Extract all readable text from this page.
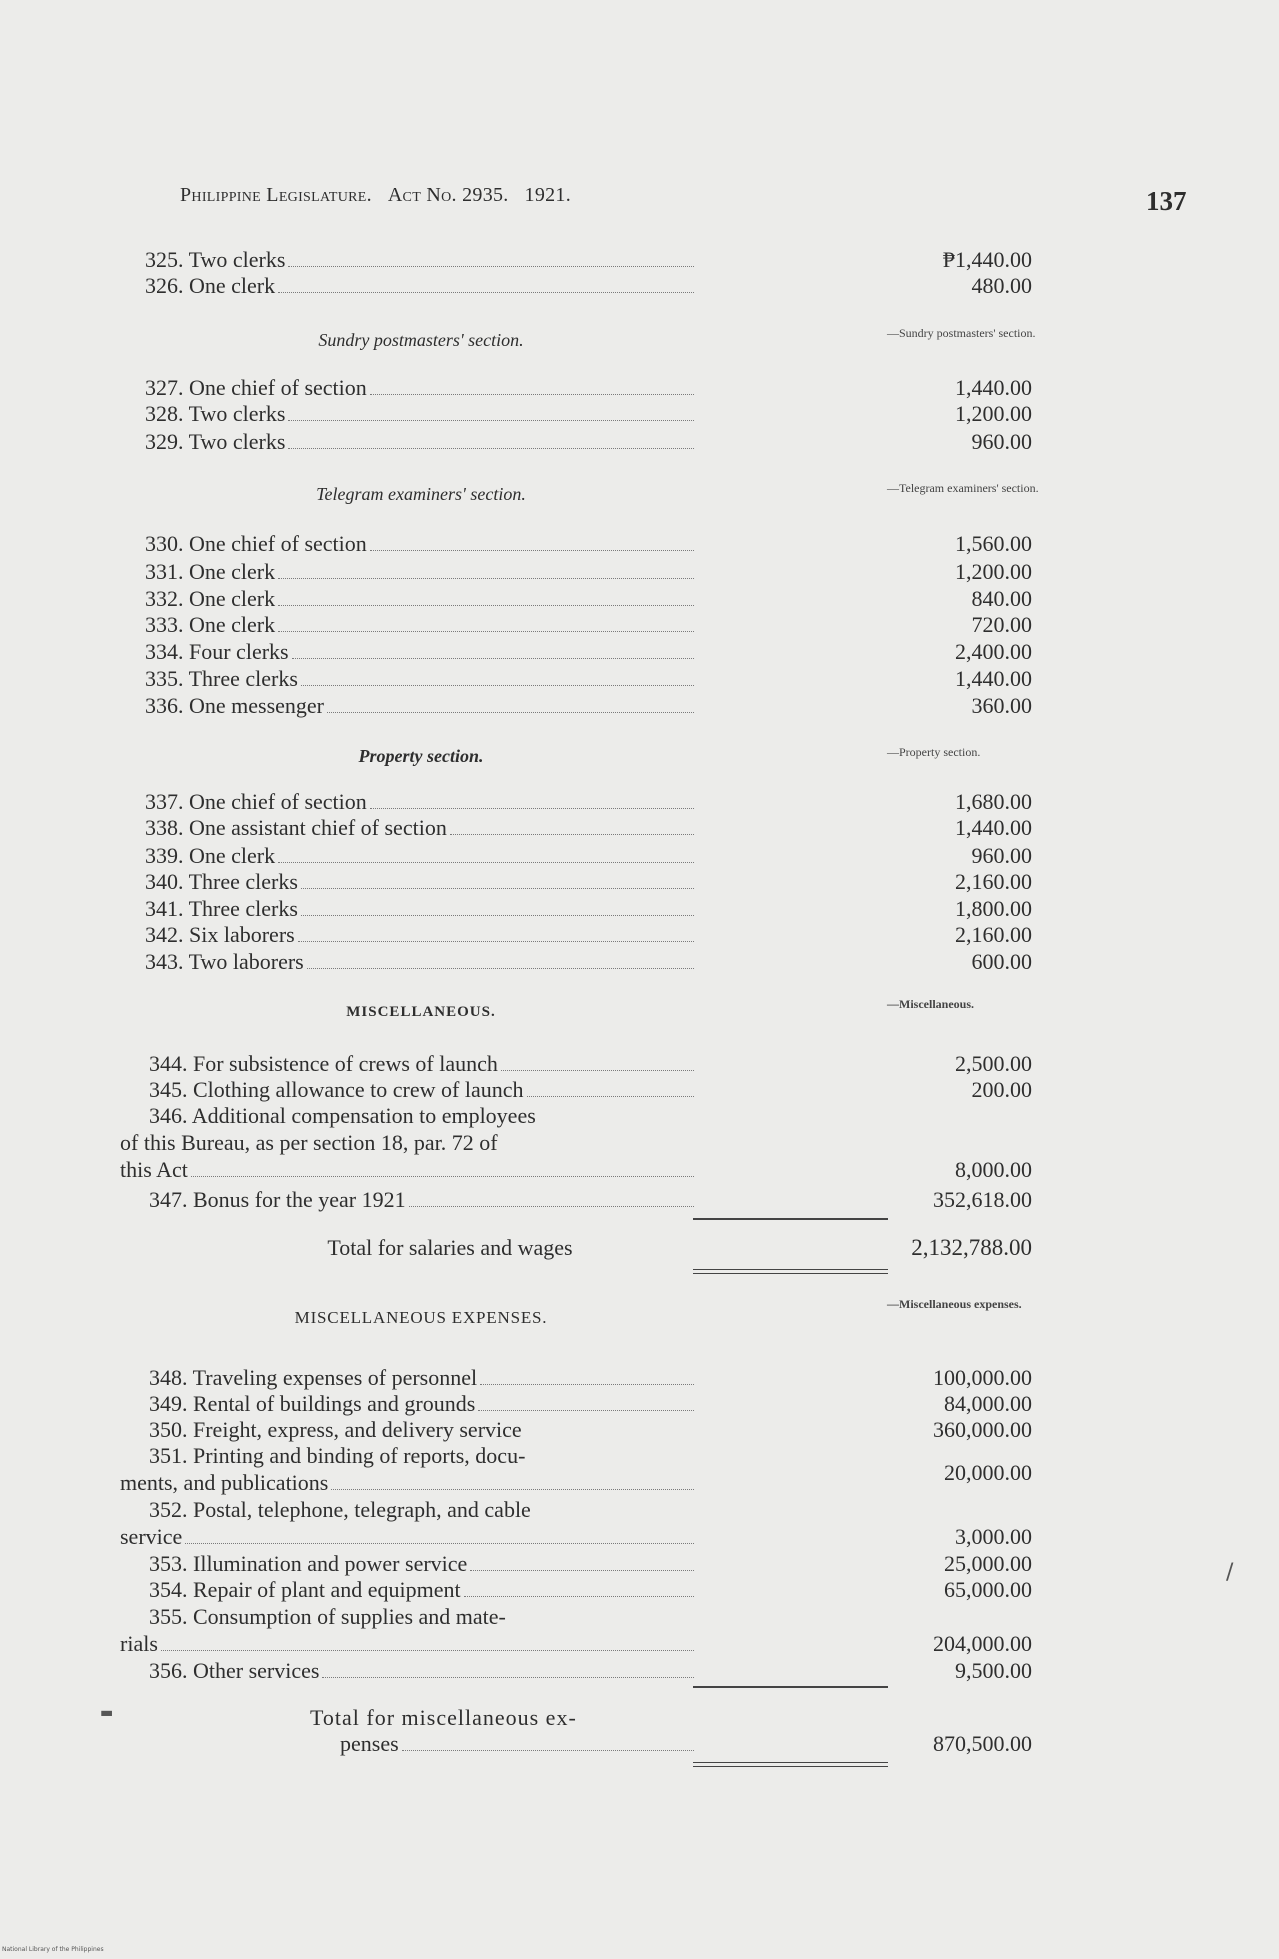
Philippine Legislature. Act No. 2935. 1921.	137
325. Two clerks	₱1,440.00
326. One clerk	480.00
Sundry postmasters' section.	—Sundry postmasters' section.
327. One chief of section	1,440.00
328. Two clerks	1,200.00
329. Two clerks	960.00
Telegram examiners' section.	—Telegram examiners' section.
330. One chief of section	1,560.00
331. One clerk	1,200.00
332. One clerk	840.00
333. One clerk	720.00
334. Four clerks	2,400.00
335. Three clerks	1,440.00
336. One messenger	360.00
Property section.	—Property section.
337. One chief of section	1,680.00
338. One assistant chief of section	1,440.00
339. One clerk	960.00
340. Three clerks	2,160.00
341. Three clerks	1,800.00
342. Six laborers	2,160.00
343. Two laborers	600.00
MISCELLANEOUS.	—Miscellaneous.
344. For subsistence of crews of launch	2,500.00
345. Clothing allowance to crew of launch	200.00
346. Additional compensation to employees
of this Bureau, as per section 18, par. 72 of
this Act	8,000.00
347. Bonus for the year 1921	352,618.00
Total for salaries and wages	2,132,788.00
MISCELLANEOUS EXPENSES.
—Miscellaneous expenses.
348. Traveling expenses of personnel	100,000.00
349. Rental of buildings and grounds	84,000.00
350. Freight, express, and delivery service	360,000.00
351. Printing and binding of reports, docu-
ments, and publications	20,000.00
352. Postal, telephone, telegraph, and cable
service	3,000.00
353. Illumination and power service	25,000.00
354. Repair of plant and equipment	65,000.00
355. Consumption of supplies and mate-
rials	204,000.00
356. Other services	9,500.00
Total for miscellaneous ex-
penses	870,500.00
▬
/
National Library of the Philippines
